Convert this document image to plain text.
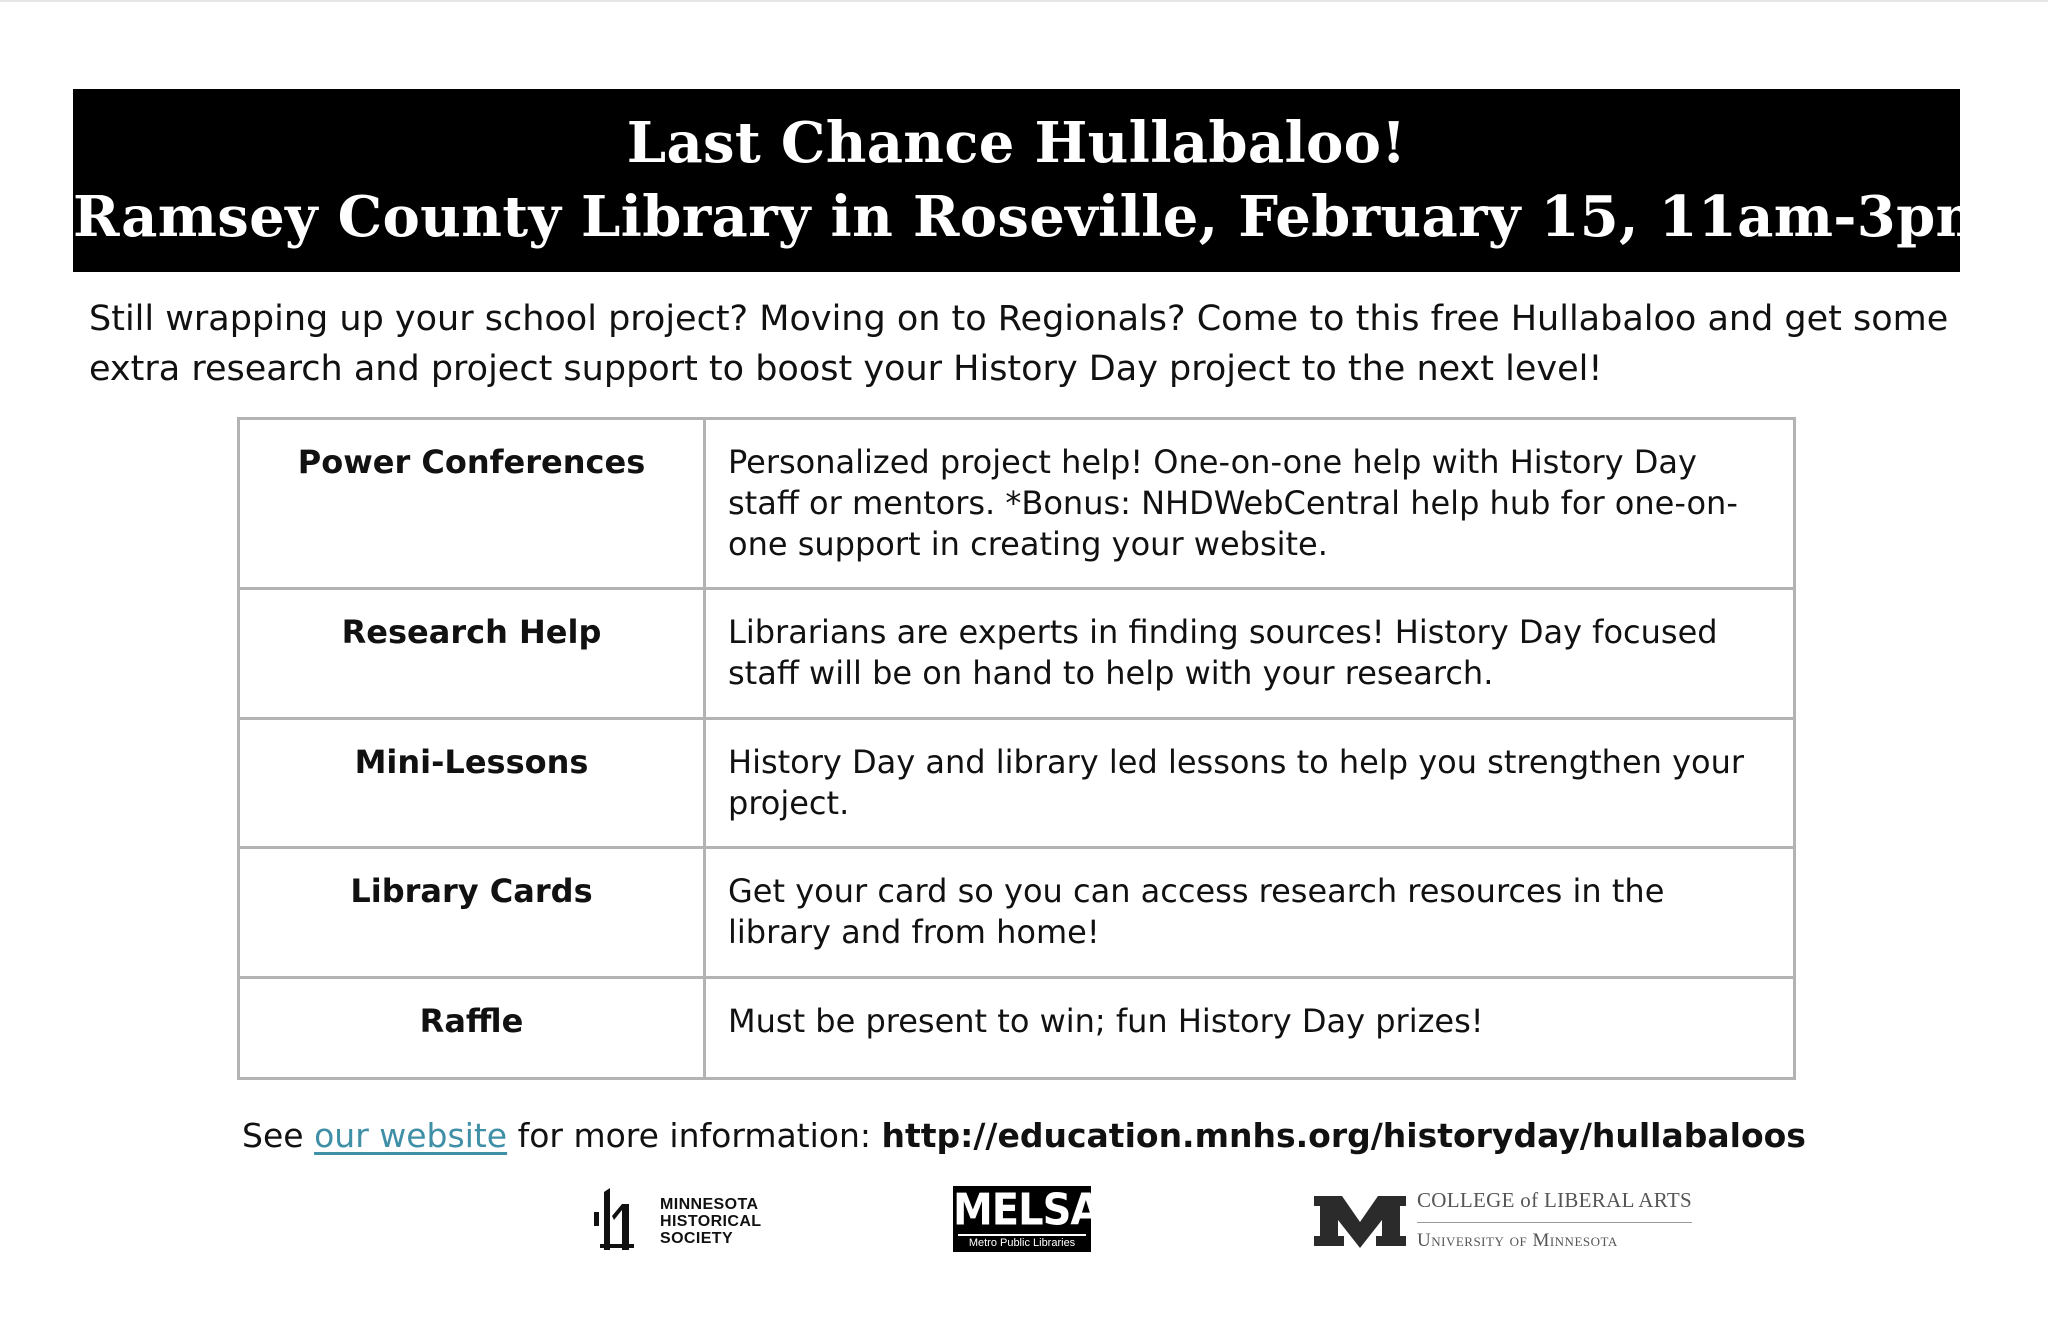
Last Chance Hullabaloo!
Ramsey County Library in Roseville, February 15, 11am-3pm
Still wrapping up your school project? Moving on to Regionals? Come to this free Hullabaloo and get some extra research and project support to boost your History Day project to the next level!
Power Conferences	Personalized project help! One-on-one help with History Day staff or mentors. *Bonus: NHDWebCentral help hub for one-on-one support in creating your website.
Research Help	Librarians are experts in finding sources! History Day focused staff will be on hand to help with your research.
Mini-Lessons	History Day and library led lessons to help you strengthen your project.
Library Cards	Get your card so you can access research resources in the library and from home!
Raffle	Must be present to win; fun History Day prizes!
See our website for more information: http://education.mnhs.org/historyday/hullabaloos
MINNESOTA
HISTORICAL
SOCIETY
MELSA
Metro Public Libraries
COLLEGE of LIBERAL ARTS
University of Minnesota
